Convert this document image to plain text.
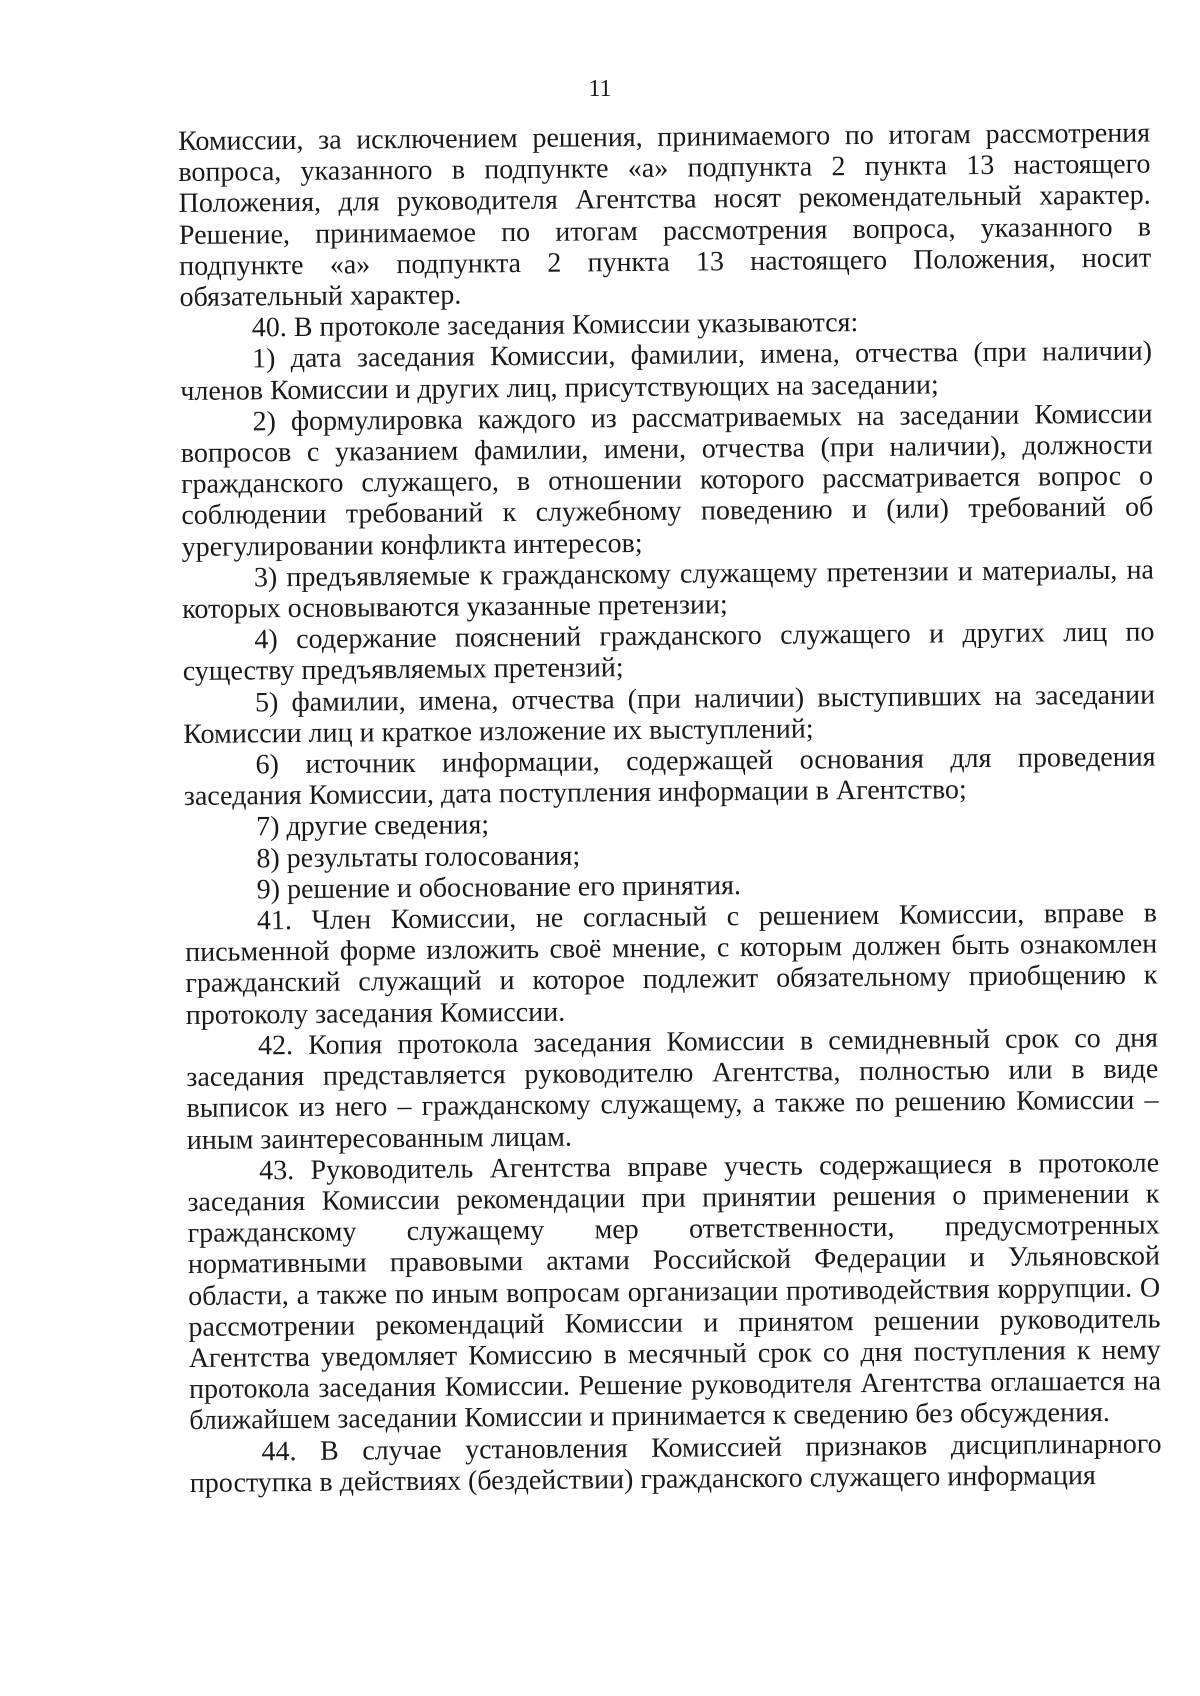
11

Комиссии, за исключением решения, принимаемого по итогам рассмотрения вопроса, указанного в подпункте «а» подпункта 2 пункта 13 настоящего Положения, для руководителя Агентства носят рекомендательный характер. Решение, принимаемое по итогам рассмотрения вопроса, указанного в подпункте «а» подпункта 2 пункта 13 настоящего Положения, носит обязательный характер.

40. В протоколе заседания Комиссии указываются:

1) дата заседания Комиссии, фамилии, имена, отчества (при наличии) членов Комиссии и других лиц, присутствующих на заседании;

2) формулировка каждого из рассматриваемых на заседании Комиссии вопросов с указанием фамилии, имени, отчества (при наличии), должности гражданского служащего, в отношении которого рассматривается вопрос о соблюдении требований к служебному поведению и (или) требований об урегулировании конфликта интересов;

3) предъявляемые к гражданскому служащему претензии и материалы, на которых основываются указанные претензии;

4) содержание пояснений гражданского служащего и других лиц по существу предъявляемых претензий;

5) фамилии, имена, отчества (при наличии) выступивших на заседании Комиссии лиц и краткое изложение их выступлений;

6) источник информации, содержащей основания для проведения заседания Комиссии, дата поступления информации в Агентство;

7) другие сведения;

8) результаты голосования;

9) решение и обоснование его принятия.

41. Член Комиссии, не согласный с решением Комиссии, вправе в письменной форме изложить своё мнение, с которым должен быть ознакомлен гражданский служащий и которое подлежит обязательному приобщению к протоколу заседания Комиссии.

42. Копия протокола заседания Комиссии в семидневный срок со дня заседания представляется руководителю Агентства, полностью или в виде выписок из него – гражданскому служащему, а также по решению Комиссии – иным заинтересованным лицам.

43. Руководитель Агентства вправе учесть содержащиеся в протоколе заседания Комиссии рекомендации при принятии решения о применении к гражданскому служащему мер ответственности, предусмотренных нормативными правовыми актами Российской Федерации и Ульяновской области, а также по иным вопросам организации противодействия коррупции. О рассмотрении рекомендаций Комиссии и принятом решении руководитель Агентства уведомляет Комиссию в месячный срок со дня поступления к нему протокола заседания Комиссии. Решение руководителя Агентства оглашается на ближайшем заседании Комиссии и принимается к сведению без обсуждения.

44. В случае установления Комиссией признаков дисциплинарного проступка в действиях (бездействии) гражданского служащего информация
